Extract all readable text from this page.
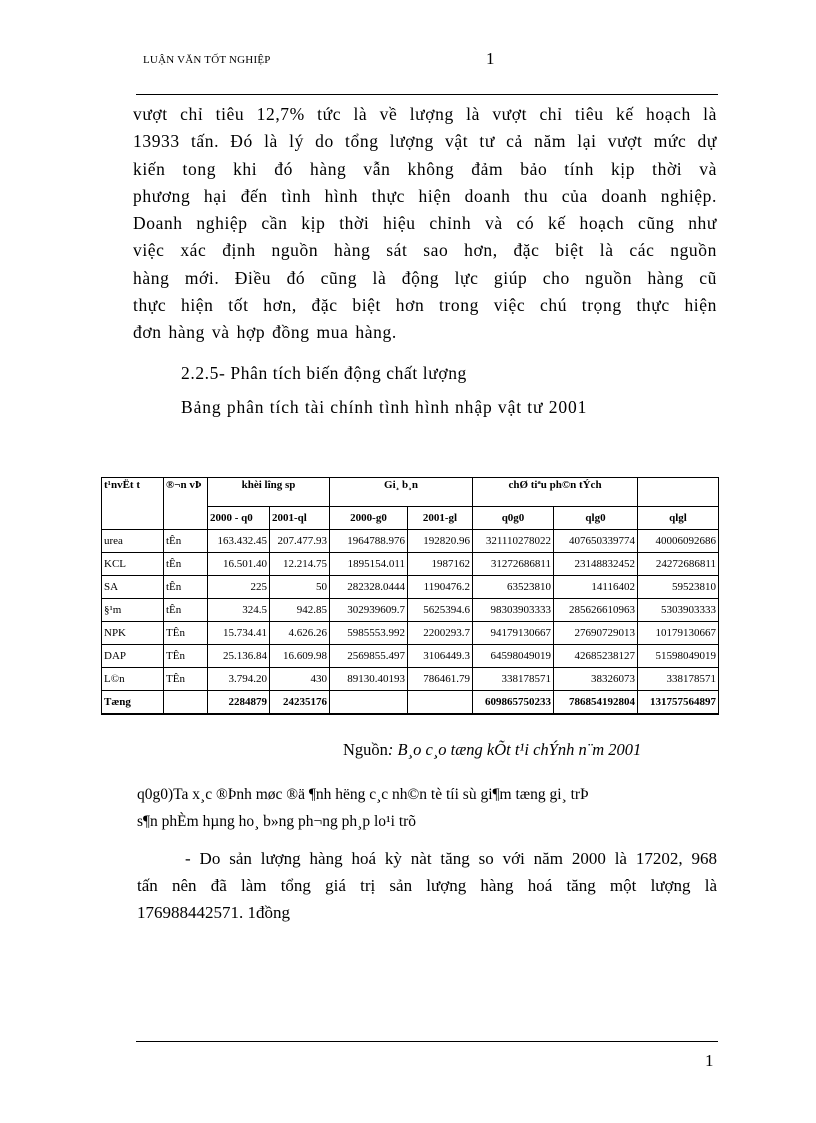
LUẬN VĂN TỐT NGHIỆP	1

vượt chỉ tiêu 12,7% tức là về lượng là vượt chỉ tiêu kế hoạch là

13933 tấn. Đó là lý do tổng lượng vật tư cả năm lại vượt mức dự

kiến tong khi đó hàng vẫn không đảm bảo tính kịp thời và

phương hại đến tình hình thực hiện doanh thu của doanh nghiệp.

Doanh nghiệp cần kịp thời hiệu chỉnh và có kế hoạch cũng như

việc xác định nguồn hàng sát sao hơn, đặc biệt là các nguồn

hàng mới. Điều đó cũng là động lực giúp cho nguồn hàng cũ

thực hiện tốt hơn, đặc biệt hơn trong việc chú trọng thực hiện

đơn hàng và hợp đồng mua hàng.

2.2.5- Phân tích biến động chất lượng
Bảng phân tích tài chính tình hình nhập vật tư 2001
t¹nvËt t	®¬n vÞ	khèi lîng sp		Gi¸ b¸n		chØ tiªu ph©n tÝch		
		2000 - q0	2001-ql	2000-g0	2001-gl	q0g0	qlg0	qlgl
urea	tÊn	163.432.45	207.477.93	1964788.976	192820.96	321110278022	407650339774	40006092686
KCL	tÊn	16.501.40	12.214.75	1895154.011	1987162	31272686811	23148832452	24272686811
SA	tÊn	225	50	282328.0444	1190476.2	63523810	14116402	59523810
§¹m	tÊn	324.5	942.85	302939609.7	5625394.6	98303903333	285626610963	5303903333
NPK	TÊn	15.734.41	4.626.26	5985553.992	2200293.7	94179130667	27690729013	10179130667
DAP	TÊn	25.136.84	16.609.98	2569855.497	3106449.3	64598049019	42685238127	51598049019
L©n	TÊn	3.794.20	430	89130.40193	786461.79	338178571	38326073	338178571
Tæng		2284879	24235176			609865750233	786854192804	131757564897
Nguồn: B¸o c¸o tæng kÕt t¹i chÝnh n¨m 2001

q0g0)Ta x¸c ®Þnh møc ®ä ¶nh hëng c¸c nh©n tè tíi sù gi¶m tæng gi¸ trÞ

s¶n phÈm hµng ho¸ b»ng ph¬ng ph¸p lo¹i trõ

- Do sản lượng hàng hoá kỳ nàt tăng so với năm 2000 là 17202, 968

tấn nên đã làm tổng giá trị sản lượng hàng hoá tăng một lượng là

176988442571. 1đồng

1
